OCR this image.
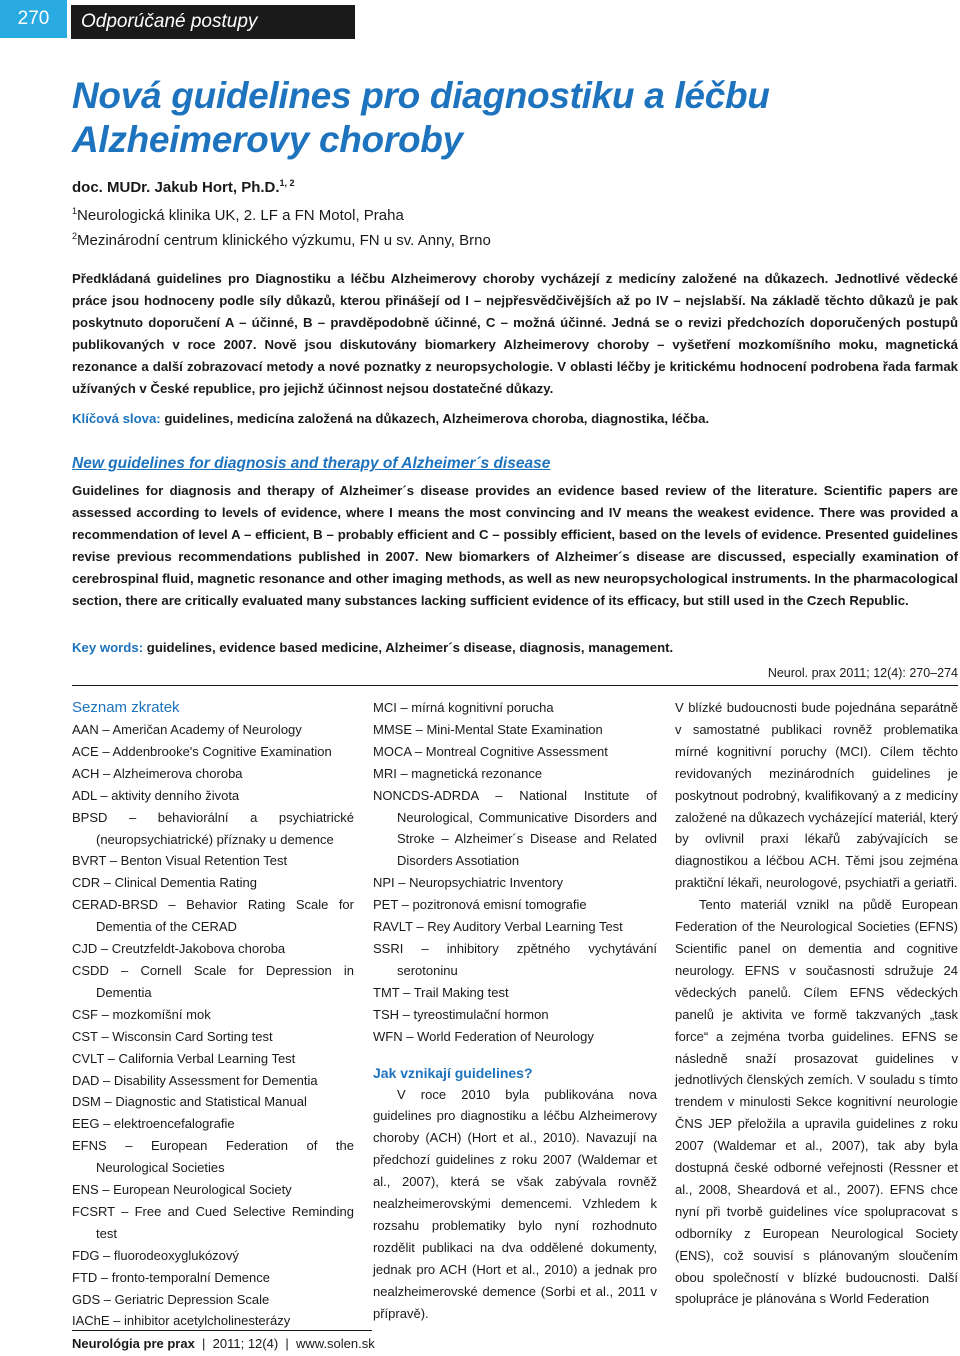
270	Odporúčané postupy
Nová guidelines pro diagnostiku a léčbu Alzheimerovy choroby
doc. MUDr. Jakub Hort, Ph.D.$^{1, 2}$
$^1$Neurologická klinika UK, 2. LF a FN Motol, Praha
$^2$Mezinárodní centrum klinického výzkumu, FN u sv. Anny, Brno

Předkládaná guidelines pro Diagnostiku a léčbu Alzheimerovy choroby vycházejí z medicíny založené na důkazech. Jednotlivé vědecké práce jsou hodnoceny podle síly důkazů, kterou přinášejí od I – nejpřesvědčivějších až po IV – nejslabší. Na základě těchto důkazů je pak poskytnuto doporučení A – účinné, B – pravděpodobně účinné, C – možná účinné. Jedná se o revizi předchozích doporučených postupů publikovaných v roce 2007. Nově jsou diskutovány biomarkery Alzheimerovy choroby – vyšetření mozkomíšního moku, magnetická rezonance a další zobrazovací metody a nové poznatky z neuropsychologie. V oblasti léčby je kritickému hodnocení podrobena řada farmak užívaných v České republice, pro jejichž účinnost nejsou dostatečné důkazy.

Klíčová slova: guidelines, medicína založená na důkazech, Alzheimerova choroba, diagnostika, léčba.

New guidelines for diagnosis and therapy of Alzheimer´s disease

Guidelines for diagnosis and therapy of Alzheimer´s disease provides an evidence based review of the literature. Scientific papers are assessed according to levels of evidence, where I means the most convincing and IV means the weakest evidence. There was provided a recommendation of level A – efficient, B – probably efficient and C – possibly efficient, based on the levels of evidence. Presented guidelines revise previous recommendations published in 2007. New biomarkers of Alzheimer´s disease are discussed, especially examination of cerebrospinal fluid, magnetic resonance and other imaging methods, as well as new neuropsychological instruments. In the pharmacological section, there are critically evaluated many substances lacking sufficient evidence of its efficacy, but still used in the Czech Republic.

Key words: guidelines, evidence based medicine, Alzheimer´s disease, diagnosis, management.

Neurol. prax 2011; 12(4): 270–274
Seznam zkratek

AAN – Američan Academy of Neurology

ACE – Addenbrooke's Cognitive Examination

ACH – Alzheimerova choroba

ADL – aktivity denního života

BPSD – behaviorální a psychiatrické (neuropsychiatrické) příznaky u demence

BVRT – Benton Visual Retention Test

CDR – Clinical Dementia Rating

CERAD-BRSD – Behavior Rating Scale for Dementia of the CERAD

CJD – Creutzfeldt-Jakobova choroba

CSDD – Cornell Scale for Depression in Dementia

CSF – mozkomíšní mok

CST – Wisconsin Card Sorting test

CVLT – California Verbal Learning Test

DAD – Disability Assessment for Dementia

DSM – Diagnostic and Statistical Manual

EEG – elektroencefalografie

EFNS – European Federation of the Neurological Societies

ENS – European Neurological Society

FCSRT – Free and Cued Selective Reminding test

FDG – fluorodeoxyglukózový

FTD – fronto-temporalní Demence

GDS – Geriatric Depression Scale

IAChE – inhibitor acetylcholinesterázy

MCI – mírná kognitivní porucha

MMSE – Mini-Mental State Examination

MOCA – Montreal Cognitive Assessment

MRI – magnetická rezonance

NONCDS-ADRDA – National Institute of Neurological, Communicative Disorders and Stroke – Alzheimer´s Disease and Related Disorders Assotiation

NPI – Neuropsychiatric Inventory

PET – pozitronová emisní tomografie

RAVLT – Rey Auditory Verbal Learning Test

SSRI – inhibitory zpětného vychytávání serotoninu

TMT – Trail Making test

TSH – tyreostimulační hormon

WFN – World Federation of Neurology

Jak vznikají guidelines?

V roce 2010 byla publikována nova guidelines pro diagnostiku a léčbu Alzheimerovy choroby (ACH) (Hort et al., 2010). Navazují na předchozí guidelines z roku 2007 (Waldemar et al., 2007), která se však zabývala rovněž nealzheimerovskými demencemi. Vzhledem k rozsahu problematiky bylo nyní rozhodnuto rozdělit publikaci na dva oddělené dokumenty, jednak pro ACH (Hort et al., 2010) a jednak pro nealzheimerovské demence (Sorbi et al., 2011 v přípravě).

V blízké budoucnosti bude pojednána separátně v samostatné publikaci rovněž problematika mírné kognitivní poruchy (MCI). Cílem těchto revidovaných mezinárodních guidelines je poskytnout podrobný, kvalifikovaný a z medicíny založené na důkazech vycházející materiál, který by ovlivnil praxi lékařů zabývajících se diagnostikou a léčbou ACH. Těmi jsou zejména praktiční lékaři, neurologové, psychiatři a geriatři.

Tento materiál vznikl na půdě European Federation of the Neurological Societies (EFNS) Scientific panel on dementia and cognitive neurology. EFNS v současnosti sdružuje 24 vědeckých panelů. Cílem EFNS vědeckých panelů je aktivita ve formě takzvaných „task force“ a zejména tvorba guidelines. EFNS se následně snaží prosazovat guidelines v jednotlivých členských zemích. V souladu s tímto trendem v minulosti Sekce kognitivní neurologie ČNS JEP přeložila a upravila guidelines z roku 2007 (Waldemar et al., 2007), tak aby byla dostupná české odborné veřejnosti (Ressner et al., 2008, Sheardová et al., 2007). EFNS chce nyní při tvorbě guidelines více spolupracovat s odborníky z European Neurological Society (ENS), což souvisí s plánovaným sloučením obou společností v blízké budoucnosti. Další spolupráce je plánována s World Federation

Neurológia pre prax  |  2011; 12(4)  |  www.solen.sk
